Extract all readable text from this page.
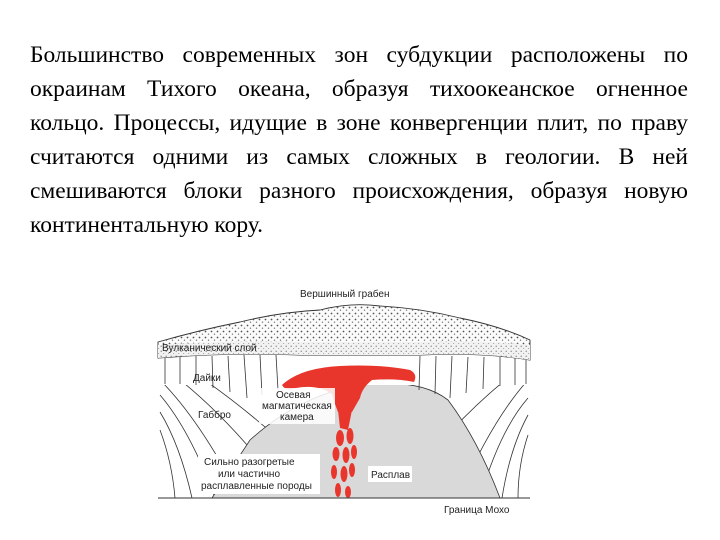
Большинство современных зон субдукции расположены по окраинам Тихого океана, образуя тихоокеанское огненное кольцо. Процессы, идущие в зоне конвергенции плит, по праву считаются одними из самых сложных в геологии. В ней смешиваются блоки разного происхождения, образуя новую континентальную кору.

Вершинный грабен
Вулканический слой
Дайки
Габбро
Осевая
магматическая
камера
Сильно разогретые
или частично
расплавленные породы
Расплав
Граница Мохо
